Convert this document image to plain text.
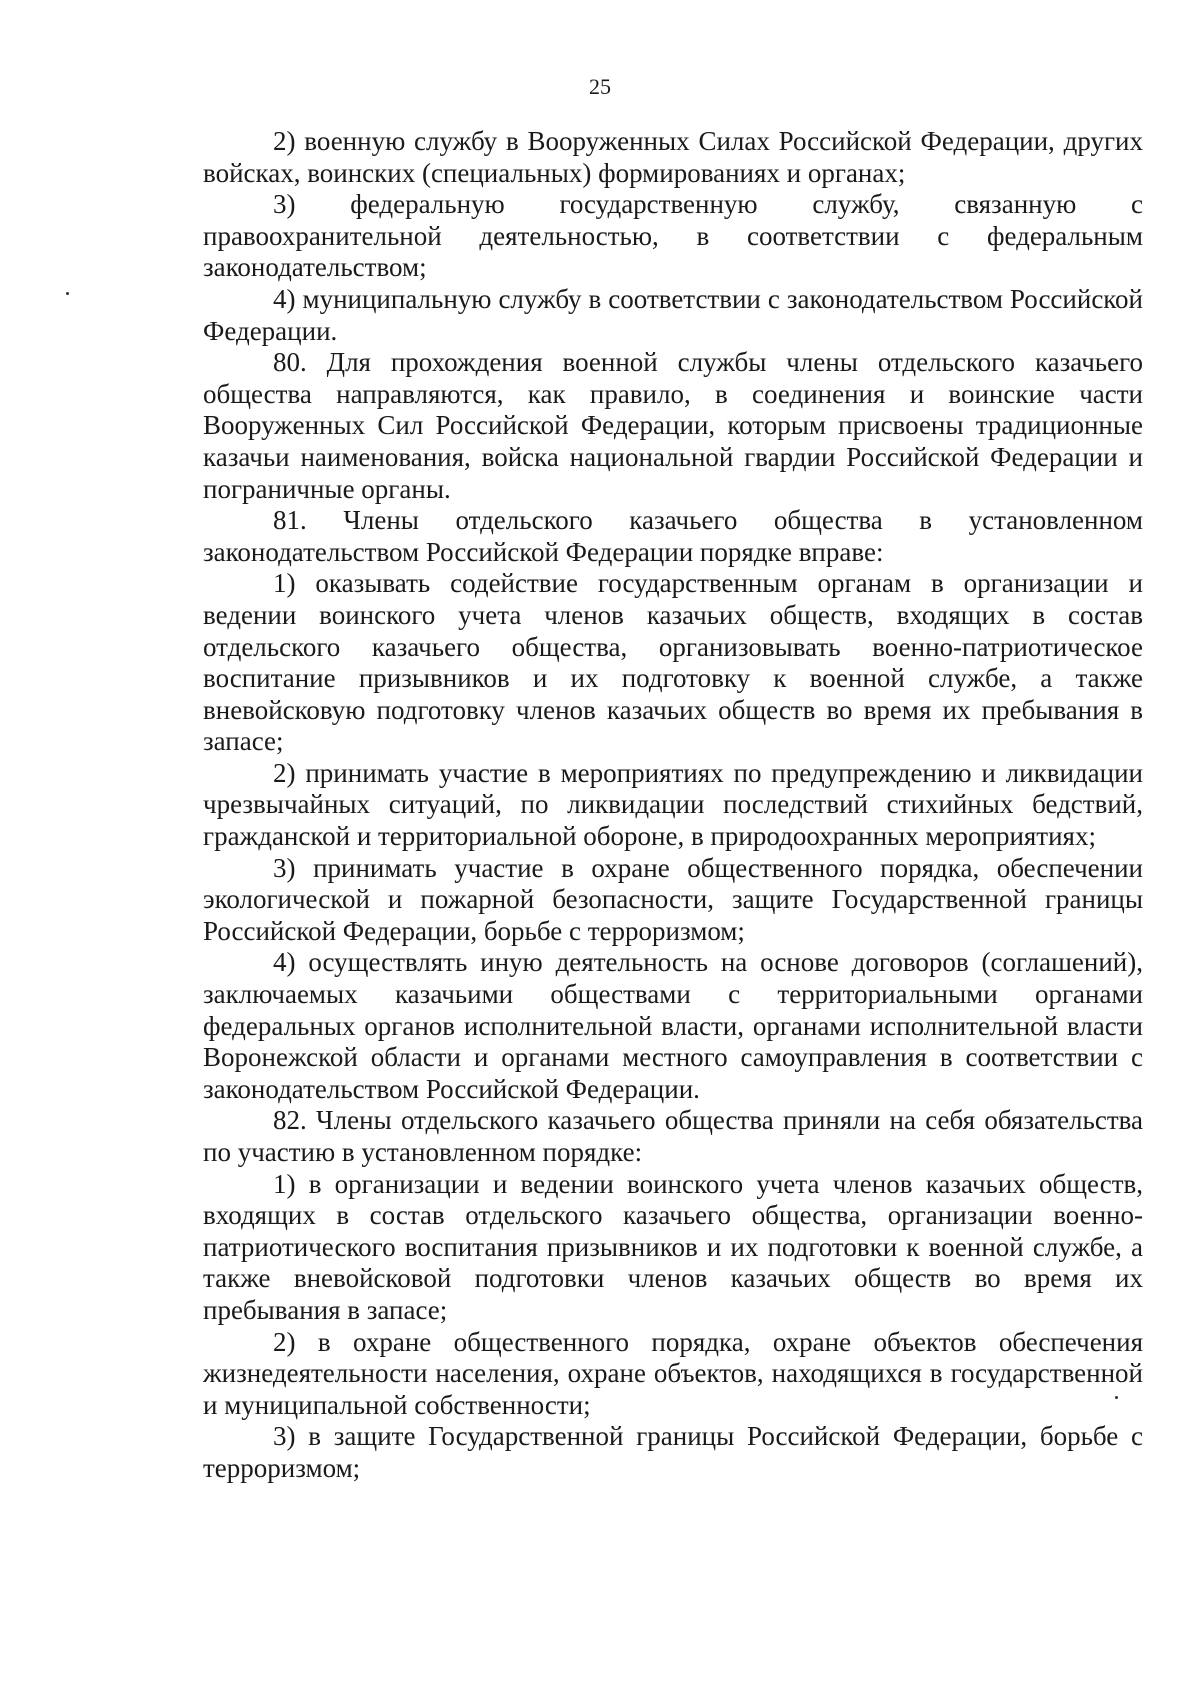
25

2) военную службу в Вооруженных Силах Российской Федерации, других войсках, воинских (специальных) формированиях и органах;

3) федеральную государственную службу, связанную с правоохранительной деятельностью, в соответствии с федеральным законодательством;

4) муниципальную службу в соответствии с законодательством Российской Федерации.

80. Для прохождения военной службы члены отдельского казачьего общества направляются, как правило, в соединения и воинские части Вооруженных Сил Российской Федерации, которым присвоены традиционные казачьи наименования, войска национальной гвардии Российской Федерации и пограничные органы.

81. Члены отдельского казачьего общества в установленном законодательством Российской Федерации порядке вправе:

1) оказывать содействие государственным органам в организации и ведении воинского учета членов казачьих обществ, входящих в состав отдельского казачьего общества, организовывать военно-патриотическое воспитание призывников и их подготовку к военной службе, а также вневойсковую подготовку членов казачьих обществ во время их пребывания в запасе;

2) принимать участие в мероприятиях по предупреждению и ликвидации чрезвычайных ситуаций, по ликвидации последствий стихийных бедствий, гражданской и территориальной обороне, в природоохранных мероприятиях;

3) принимать участие в охране общественного порядка, обеспечении экологической и пожарной безопасности, защите Государственной границы Российской Федерации, борьбе с терроризмом;

4) осуществлять иную деятельность на основе договоров (соглашений), заключаемых казачьими обществами с территориальными органами федеральных органов исполнительной власти, органами исполнительной власти Воронежской области и органами местного самоуправления в соответствии с законодательством Российской Федерации.

82. Члены отдельского казачьего общества приняли на себя обязательства по участию в установленном порядке:

1) в организации и ведении воинского учета членов казачьих обществ, входящих в состав отдельского казачьего общества, организации военно-патриотического воспитания призывников и их подготовки к военной службе, а также вневойсковой подготовки членов казачьих обществ во время их пребывания в запасе;

2) в охране общественного порядка, охране объектов обеспечения жизнедеятельности населения, охране объектов, находящихся в государственной и муниципальной собственности;

3) в защите Государственной границы Российской Федерации, борьбе с терроризмом;
